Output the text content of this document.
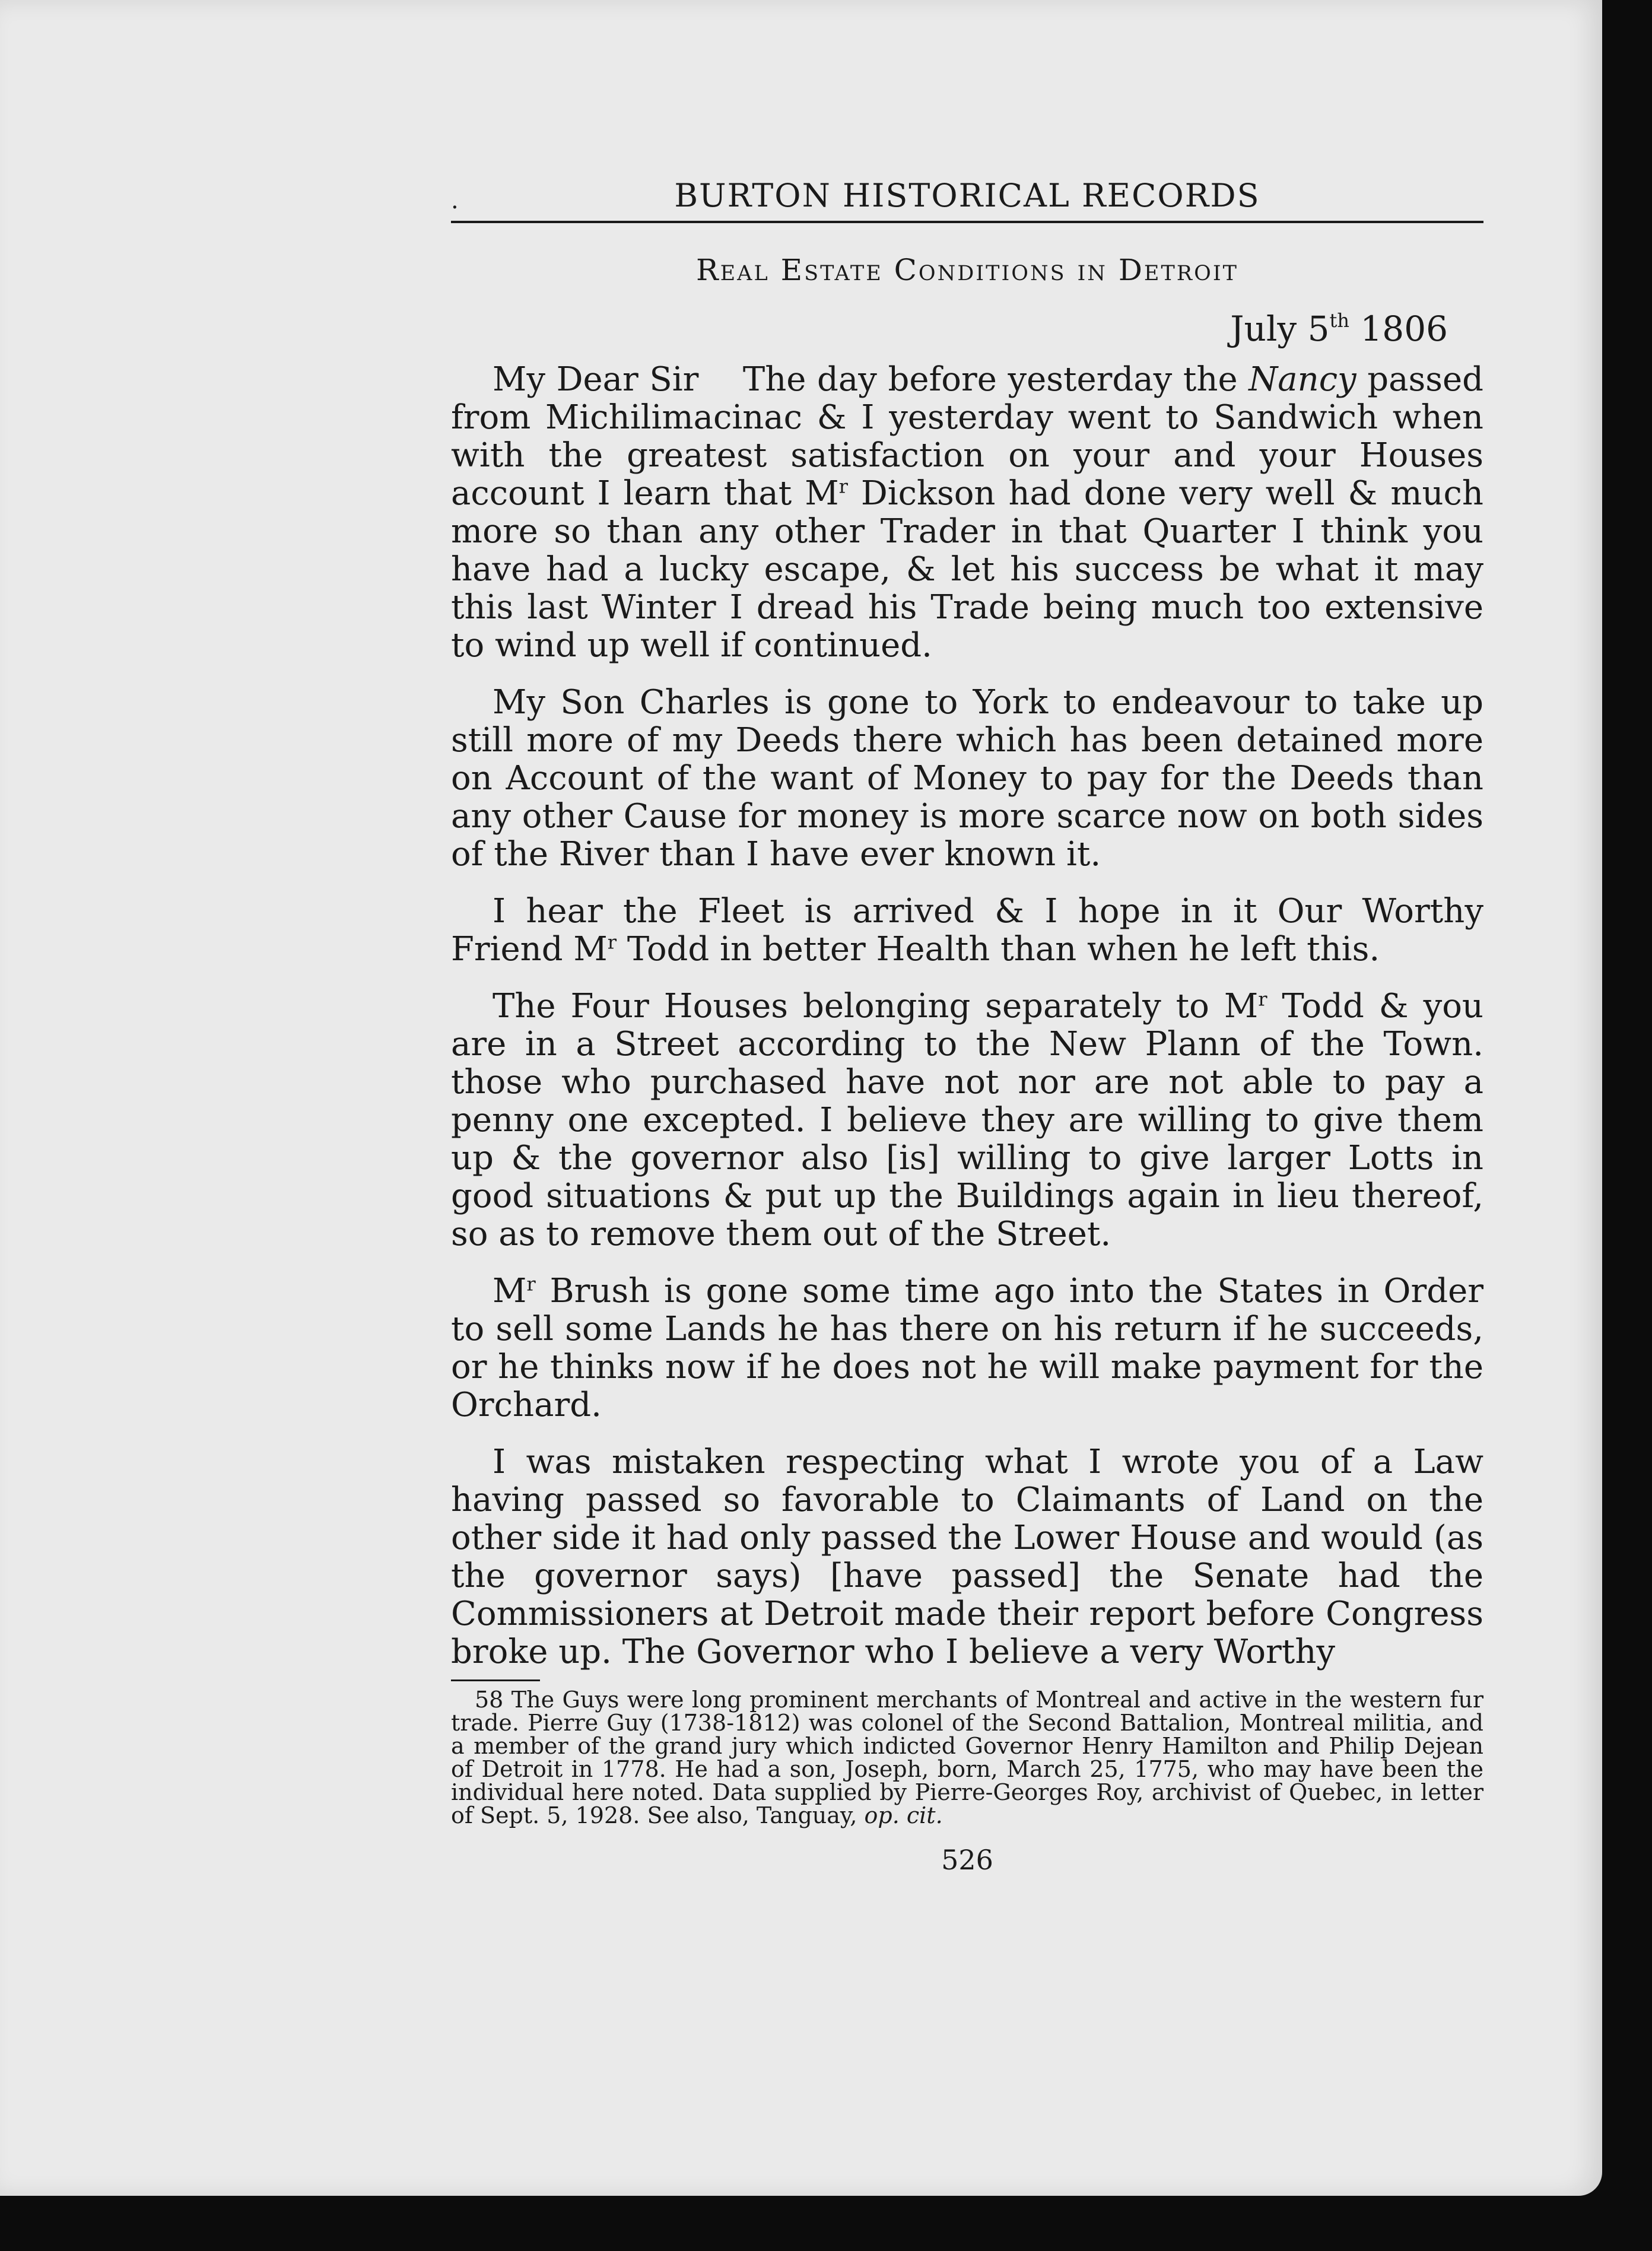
.	BURTON HISTORICAL RECORDS
Real Estate Conditions in Detroit
July 5th 1806

My Dear Sir The day before yesterday the Nancy passed from Michilimacinac & I yesterday went to Sandwich when with the greatest satisfaction on your and your Houses account I learn that $M^r$ Dickson had done very well & much more so than any other Trader in that Quarter I think you have had a lucky escape, & let his success be what it may this last Winter I dread his Trade being much too extensive to wind up well if continued.

My Son Charles is gone to York to endeavour to take up still more of my Deeds there which has been detained more on Account of the want of Money to pay for the Deeds than any other Cause for money is more scarce now on both sides of the River than I have ever known it.

I hear the Fleet is arrived & I hope in it Our Worthy Friend $M^r$ Todd in better Health than when he left this.

The Four Houses belonging separately to $M^r$ Todd & you are in a Street according to the New Plann of the Town. those who purchased have not nor are not able to pay a penny one excepted. I believe they are willing to give them up & the governor also [is] willing to give larger Lotts in good situations & put up the Buildings again in lieu thereof, so as to remove them out of the Street.

$M^r$ Brush is gone some time ago into the States in Order to sell some Lands he has there on his return if he succeeds, or he thinks now if he does not he will make payment for the Orchard.

I was mistaken respecting what I wrote you of a Law having passed so favorable to Claimants of Land on the other side it had only passed the Lower House and would (as the governor says) [have passed] the Senate had the Commissioners at Detroit made their report before Congress broke up. The Governor who I believe a very Worthy

58 The Guys were long prominent merchants of Montreal and active in the western fur trade. Pierre Guy (1738-1812) was colonel of the Second Battalion, Montreal militia, and a member of the grand jury which indicted Governor Henry Hamilton and Philip Dejean of Detroit in 1778. He had a son, Joseph, born, March 25, 1775, who may have been the individual here noted. Data supplied by Pierre-Georges Roy, archivist of Quebec, in letter of Sept. 5, 1928. See also, Tanguay, op. cit.
526
